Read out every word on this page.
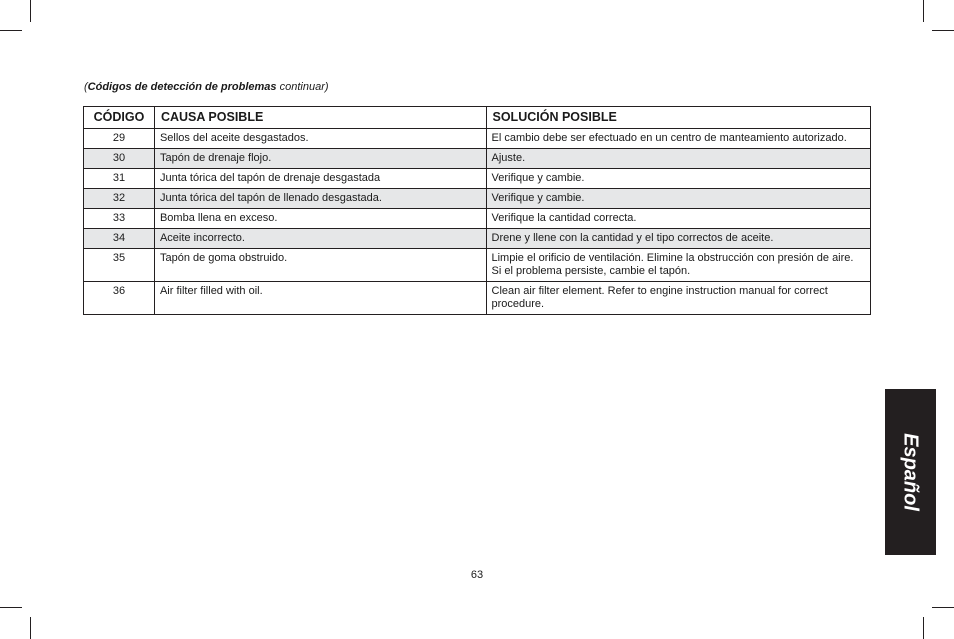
(Códigos de detección de problemas continuar)
CÓDIGO	CAUSA POSIBLE	SOLUCIÓN POSIBLE
29	Sellos del aceite desgastados.	El cambio debe ser efectuado en un centro de manteamiento autorizado.
30	Tapón de drenaje flojo.	Ajuste.
31	Junta tórica del tapón de drenaje desgastada	Verifique y cambie.
32	Junta tórica del tapón de llenado desgastada.	Verifique y cambie.
33	Bomba llena en exceso.	Verifique la cantidad correcta.
34	Aceite incorrecto.	Drene y llene con la cantidad y el tipo correctos de aceite.
35	Tapón de goma obstruido.	Limpie el orificio de ventilación. Elimine la obstrucción con presión de aire. Si el problema persiste, cambie el tapón.
36	Air filter filled with oil.	Clean air filter element. Refer to engine instruction manual for correct procedure.
63
Español
